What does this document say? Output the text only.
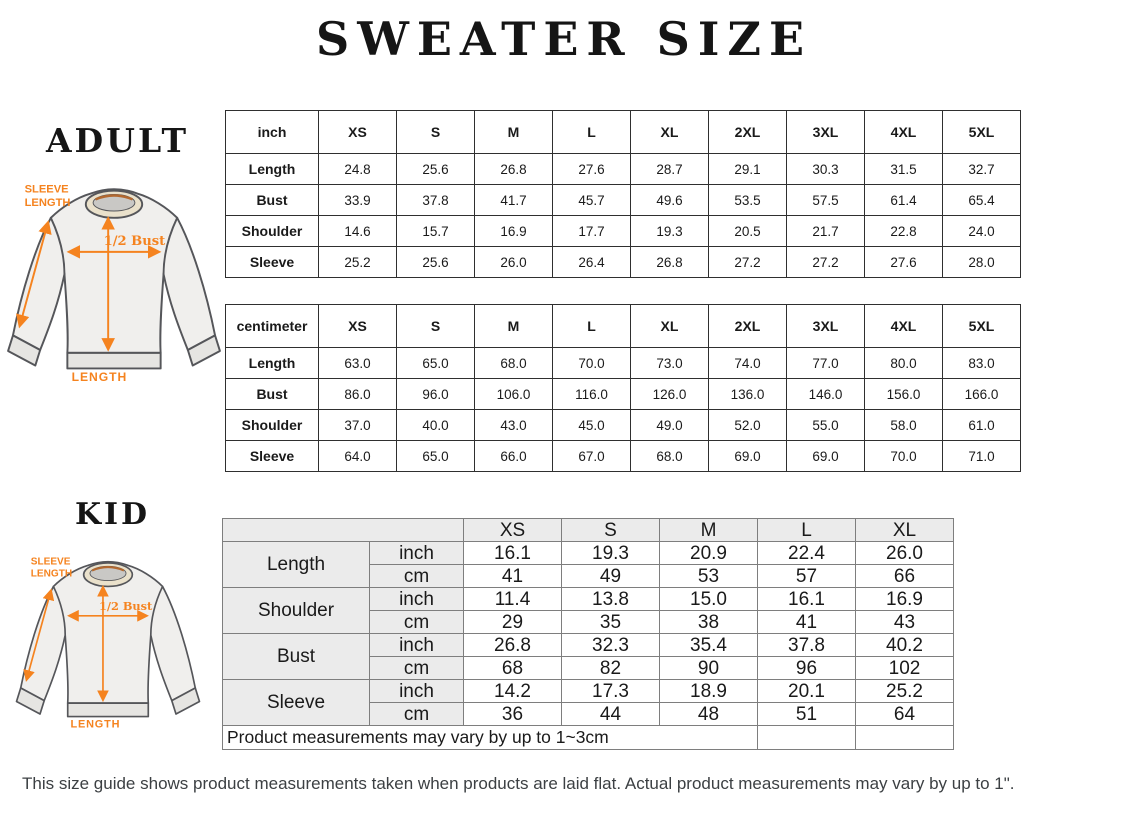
SWEATER SIZE
ADULT
SLEEVE
LENGTH
1/2 Bust
LENGTH
inch	XS	S	M	L	XL	2XL	3XL	4XL	5XL
Length	24.8	25.6	26.8	27.6	28.7	29.1	30.3	31.5	32.7
Bust	33.9	37.8	41.7	45.7	49.6	53.5	57.5	61.4	65.4
Shoulder	14.6	15.7	16.9	17.7	19.3	20.5	21.7	22.8	24.0
Sleeve	25.2	25.6	26.0	26.4	26.8	27.2	27.2	27.6	28.0
centimeter	XS	S	M	L	XL	2XL	3XL	4XL	5XL
Length	63.0	65.0	68.0	70.0	73.0	74.0	77.0	80.0	83.0
Bust	86.0	96.0	106.0	116.0	126.0	136.0	146.0	156.0	166.0
Shoulder	37.0	40.0	43.0	45.0	49.0	52.0	55.0	58.0	61.0
Sleeve	64.0	65.0	66.0	67.0	68.0	69.0	69.0	70.0	71.0
KID
SLEEVE
LENGTH
1/2 Bust
LENGTH
		XS	S	M	L	XL
Length	inch	16.1	19.3	20.9	22.4	26.0
	cm	41	49	53	57	66
Shoulder	inch	11.4	13.8	15.0	16.1	16.9
	cm	29	35	38	41	43
Bust	inch	26.8	32.3	35.4	37.8	40.2
	cm	68	82	90	96	102
Sleeve	inch	14.2	17.3	18.9	20.1	25.2
	cm	36	44	48	51	64
Product measurements may vary by up to 1~3cm						
This size guide shows product measurements taken when products are laid flat. Actual product measurements may vary by up to 1".
